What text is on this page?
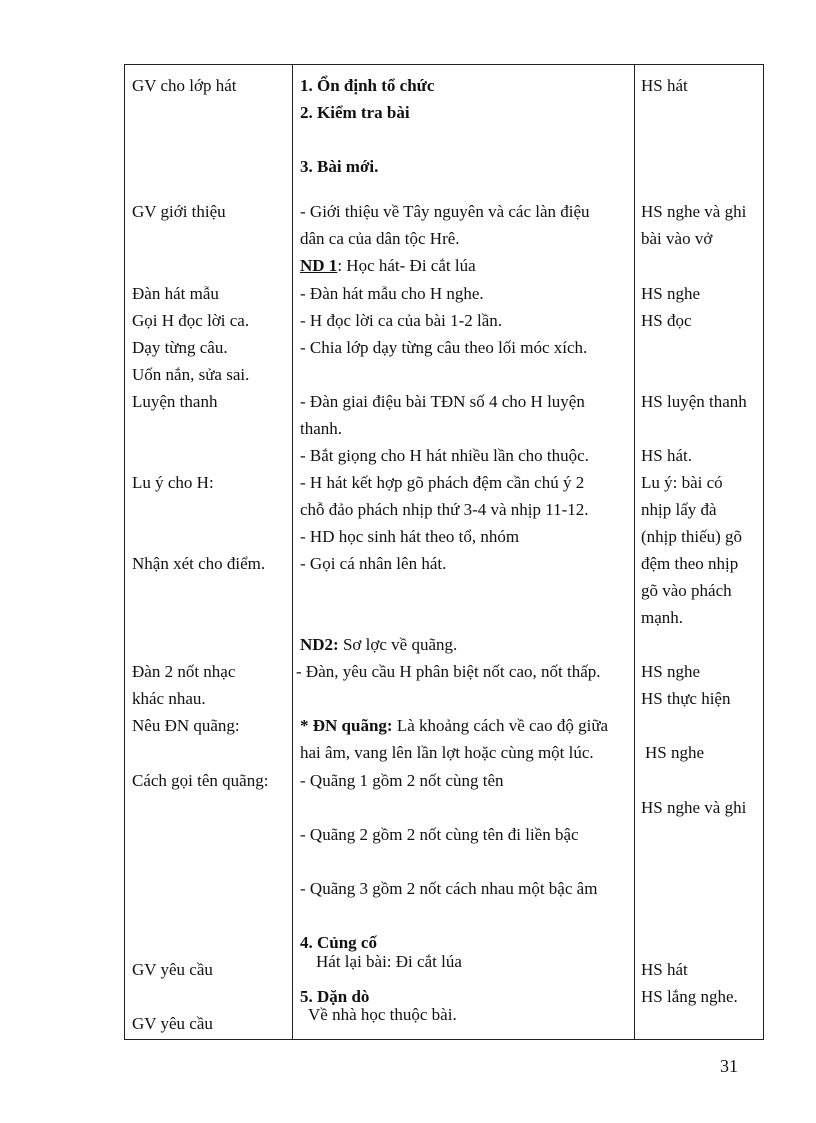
GV cho lớp hát
GV giới thiệu
Đàn hát mẫu
Gọi H đọc lời ca.
Dạy từng câu.
Uốn nắn, sửa sai.
Luyện thanh
Lu ý cho H:
Nhận xét cho điểm.
Đàn 2 nốt nhạc
khác nhau.
Nêu ĐN quãng:
Cách gọi tên quãng:
GV yêu cầu
GV yêu cầu
1. Ổn định tổ chức
2. Kiểm tra bài
3. Bài mới.
- Giới thiệu về Tây nguyên và các làn điệu
dân ca của dân tộc Hrê.
ND 1: Học hát- Đi cắt lúa
- Đàn hát mẫu cho H nghe.
- H đọc lời ca của bài 1-2 lần.
- Chia lớp dạy từng câu theo lối móc xích.
- Đàn giai điệu bài TĐN số 4 cho H luyện
thanh.
- Bắt giọng cho H hát nhiều lần cho thuộc.
- H hát kết hợp gõ phách đệm cần chú ý 2
chỗ đảo phách nhịp thứ 3-4 và nhịp 11-12.
- HD học sinh hát theo tổ, nhóm
- Gọi cá nhân lên hát.
ND2: Sơ lợc về quãng.
- Đàn, yêu cầu H phân biệt nốt cao, nốt thấp.
* ĐN quãng: Là khoảng cách về cao độ giữa
hai âm, vang lên lần lợt hoặc cùng một lúc.
- Quãng 1 gồm 2 nốt cùng tên
- Quãng 2 gồm 2 nốt cùng tên đi liền bậc
- Quãng 3 gồm 2 nốt cách nhau một bậc âm
4. Củng cố
Hát lại bài: Đi cắt lúa
5. Dặn dò
Về nhà học thuộc bài.
HS hát
HS nghe và ghi
bài vào vở
HS nghe
HS đọc
HS luyện thanh
HS hát.
Lu ý: bài có
nhịp lấy đà
(nhịp thiếu) gõ
đệm theo nhịp
gõ vào phách
mạnh.
HS nghe
HS thực hiện
HS nghe
HS nghe và ghi
HS hát
HS lắng nghe.
31
